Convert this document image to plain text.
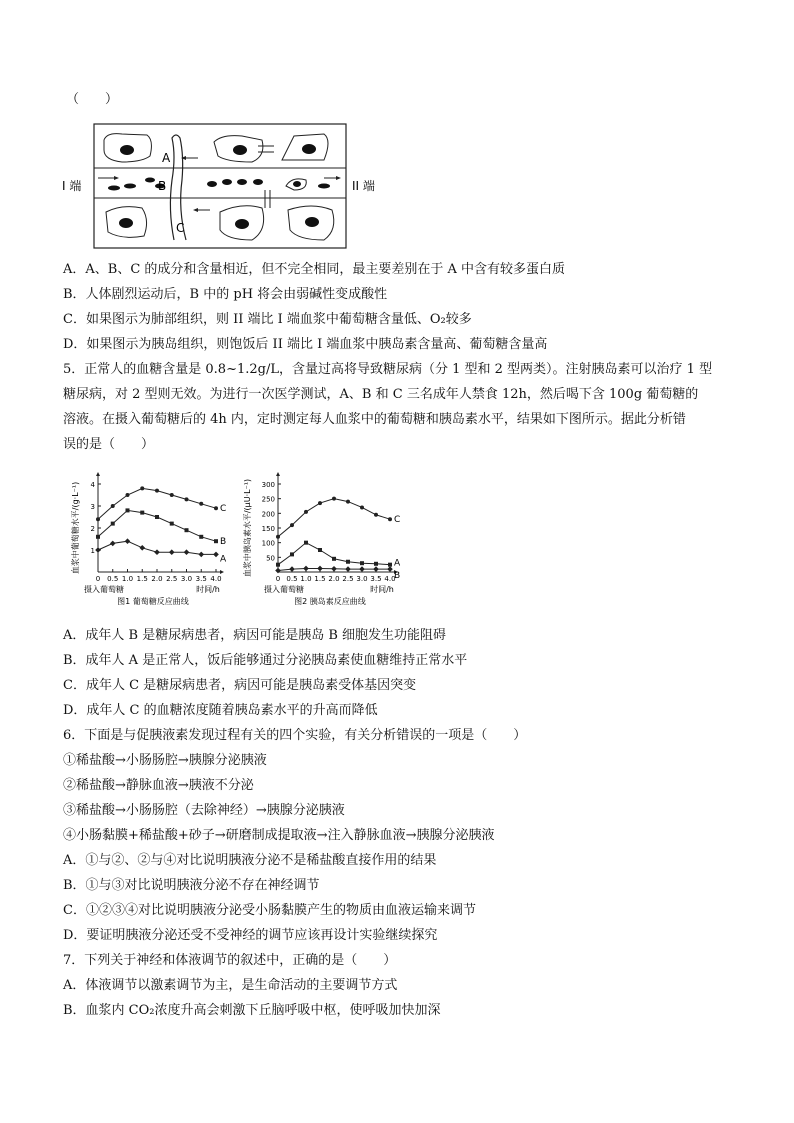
（　　）
I 端	II 端
A
B
C
A．A、B、C 的成分和含量相近，但不完全相同，最主要差别在于 A 中含有较多蛋白质
B．人体剧烈运动后，B 中的 pH 将会由弱碱性变成酸性
C．如果图示为肺部组织，则 II 端比 I 端血浆中葡萄糖含量低、O₂较多
D．如果图示为胰岛组织，则饱饭后 II 端比 I 端血浆中胰岛素含量高、葡萄糖含量高
5．正常人的血糖含量是 0.8~1.2g/L，含量过高将导致糖尿病（分 1 型和 2 型两类）。注射胰岛素可以治疗 1 型
糖尿病，对 2 型则无效。为进行一次医学测试，A、B 和 C 三名成年人禁食 12h，然后喝下含 100g 葡萄糖的
溶液。在摄入葡萄糖后的 4h 内，定时测定每人血浆中的葡萄糖和胰岛素水平，结果如下图所示。据此分析错
误的是（　　）
1
2
3
4
0.5 1.0 1.5 2.0 2.5 3.0 3.5 4.0
0
C
B
A
血浆中葡萄糖水平/(g·L⁻¹)
时间/h
摄入葡萄糖
图1 葡萄糖反应曲线
50
100
150
200
250
300
0.5 1.0 1.5 2.0 2.5 3.0 3.5 4.0
0
C
A
B
血浆中胰岛素水平/(μU·L⁻¹)
时间/h
摄入葡萄糖
图2 胰岛素反应曲线
A．成年人 B 是糖尿病患者，病因可能是胰岛 B 细胞发生功能阻碍
B．成年人 A 是正常人，饭后能够通过分泌胰岛素使血糖维持正常水平
C．成年人 C 是糖尿病患者，病因可能是胰岛素受体基因突变
D．成年人 C 的血糖浓度随着胰岛素水平的升高而降低
6．下面是与促胰液素发现过程有关的四个实验，有关分析错误的一项是（　　）
①稀盐酸→小肠肠腔→胰腺分泌胰液
②稀盐酸→静脉血液→胰液不分泌
③稀盐酸→小肠肠腔（去除神经）→胰腺分泌胰液
④小肠黏膜+稀盐酸+砂子→研磨制成提取液→注入静脉血液→胰腺分泌胰液
A．①与②、②与④对比说明胰液分泌不是稀盐酸直接作用的结果
B．①与③对比说明胰液分泌不存在神经调节
C．①②③④对比说明胰液分泌受小肠黏膜产生的物质由血液运输来调节
D．要证明胰液分泌还受不受神经的调节应该再设计实验继续探究
7．下列关于神经和体液调节的叙述中，正确的是（　　）
A．体液调节以激素调节为主，是生命活动的主要调节方式
B．血浆内 CO₂浓度升高会刺激下丘脑呼吸中枢，使呼吸加快加深
